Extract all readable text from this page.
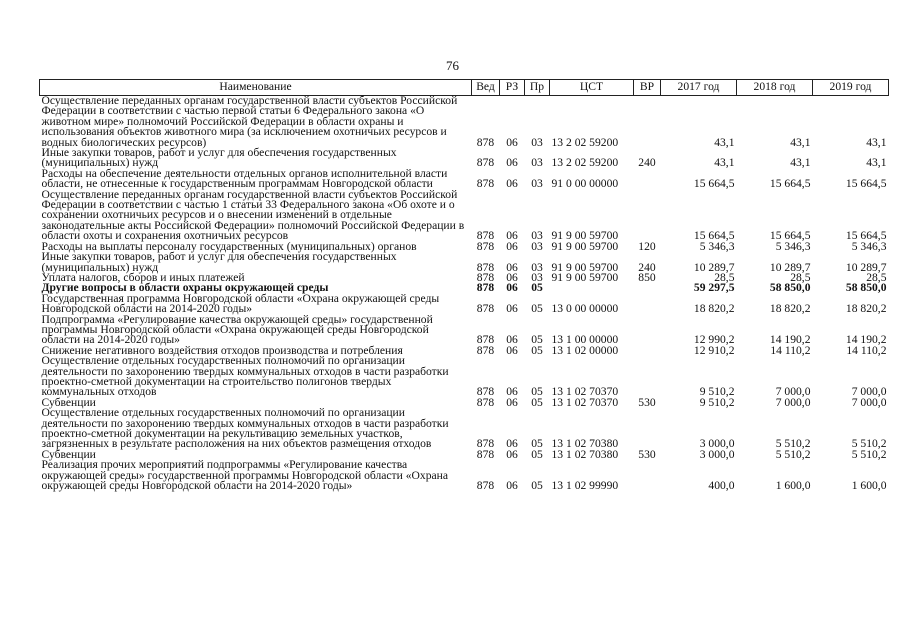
76
Наименование	Вед	РЗ	Пр	ЦСТ	ВР	2017 год	2018 год	2019 год
Осуществление переданных органам государственной власти субъектов Российской Федерации в соответствии с частью первой статьи 6 Федерального закона «О животном мире» полномочий Российской Федерации в области охраны и использования объектов животного мира (за исключением охотничьих ресурсов и водных биологических ресурсов)	878	06	03	13 2 02 59200		43,1	43,1	43,1
Иные закупки товаров, работ и услуг для обеспечения государственных (муниципальных) нужд	878	06	03	13 2 02 59200	240	43,1	43,1	43,1
Расходы на обеспечение деятельности отдельных органов исполнительной власти области, не отнесенные к государственным программам Новгородской области	878	06	03	91 0 00 00000		15 664,5	15 664,5	15 664,5
Осуществление переданных органам государственной власти субъектов Российской Федерации в соответствии с частью 1 статьи 33 Федерального закона «Об охоте и о сохранении охотничьих ресурсов и о внесении изменений в отдельные законодательные акты Российской Федерации» полномочий Российской Федерации в области охоты и сохранения охотничьих ресурсов	878	06	03	91 9 00 59700		15 664,5	15 664,5	15 664,5
Расходы на выплаты персоналу государственных (муниципальных) органов	878	06	03	91 9 00 59700	120	5 346,3	5 346,3	5 346,3
Иные закупки товаров, работ и услуг для обеспечения государственных (муниципальных) нужд	878	06	03	91 9 00 59700	240	10 289,7	10 289,7	10 289,7
Уплата налогов, сборов и иных платежей	878	06	03	91 9 00 59700	850	28,5	28,5	28,5
Другие вопросы в области охраны окружающей среды	878	06	05			59 297,5	58 850,0	58 850,0
Государственная программа Новгородской области «Охрана окружающей среды Новгородской области на 2014-2020 годы»	878	06	05	13 0 00 00000		18 820,2	18 820,2	18 820,2
Подпрограмма «Регулирование качества окружающей среды» государственной программы Новгородской области «Охрана окружающей среды Новгородской области на 2014-2020 годы»	878	06	05	13 1 00 00000		12 990,2	14 190,2	14 190,2
Снижение негативного воздействия отходов производства и потребления	878	06	05	13 1 02 00000		12 910,2	14 110,2	14 110,2
Осуществление отдельных государственных полномочий по организации деятельности по захоронению твердых коммунальных отходов в части разработки проектно-сметной документации на строительство полигонов твердых коммунальных отходов	878	06	05	13 1 02 70370		9 510,2	7 000,0	7 000,0
Субвенции	878	06	05	13 1 02 70370	530	9 510,2	7 000,0	7 000,0
Осуществление отдельных государственных полномочий по организации деятельности по захоронению твердых коммунальных отходов в части разработки проектно-сметной документации на рекультивацию земельных участков, загрязненных в результате расположения на них объектов размещения отходов	878	06	05	13 1 02 70380		3 000,0	5 510,2	5 510,2
Субвенции	878	06	05	13 1 02 70380	530	3 000,0	5 510,2	5 510,2
Реализация прочих мероприятий подпрограммы «Регулирование качества окружающей среды» государственной программы Новгородской области «Охрана окружающей среды Новгородской области на 2014-2020 годы»	878	06	05	13 1 02 99990		400,0	1 600,0	1 600,0
